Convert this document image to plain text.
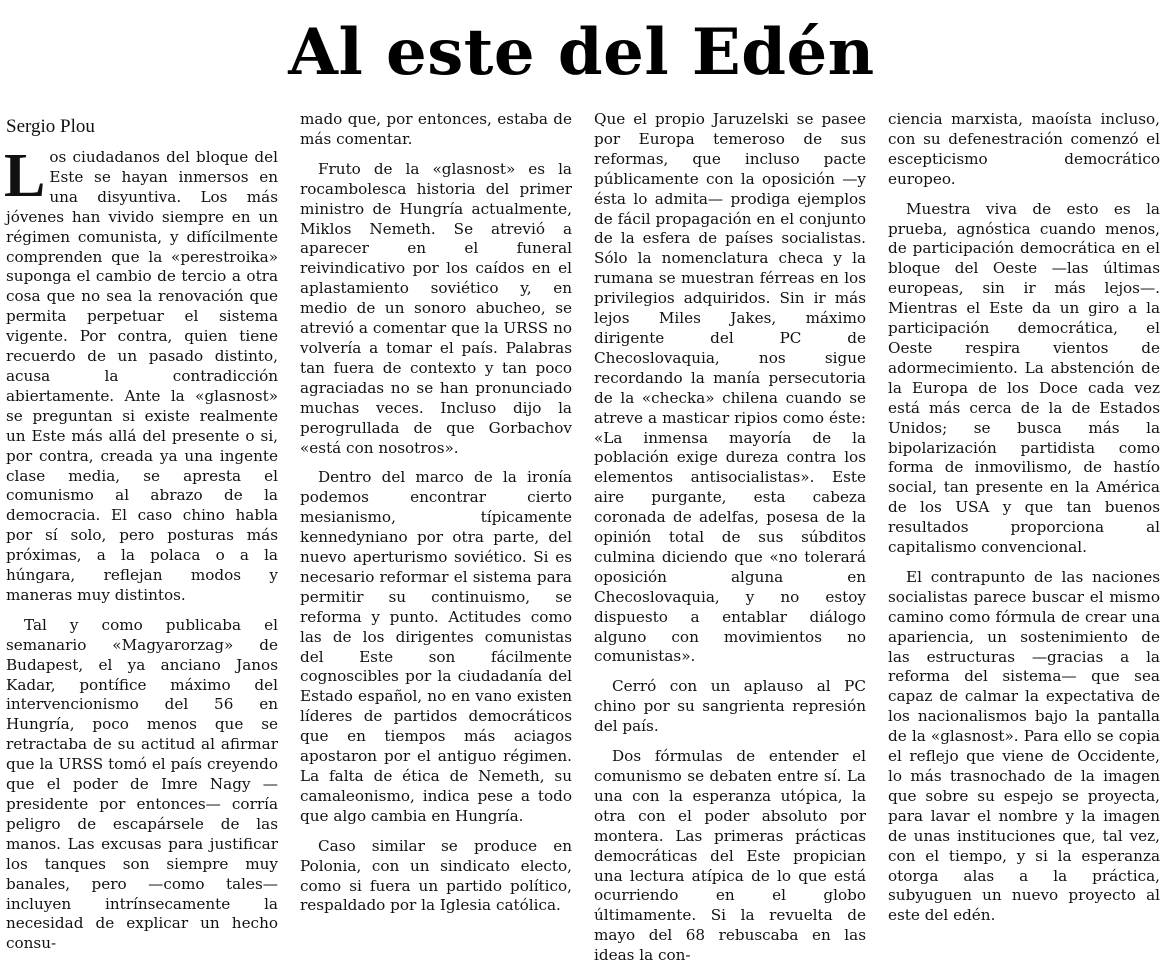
Al este del Edén
Sergio Plou

Los ciudadanos del bloque del Este se hayan inmersos en una disyuntiva. Los más jóvenes han vivido siempre en un régimen comunista, y difícilmente comprenden que la «perestroika» suponga el cambio de tercio a otra cosa que no sea la renovación que permita perpetuar el sistema vigente. Por contra, quien tiene recuerdo de un pasado distinto, acusa la contradicción abiertamente. Ante la «glasnost» se preguntan si existe realmente un Este más allá del presente o si, por contra, creada ya una ingente clase media, se apresta el comunismo al abrazo de la democracia. El caso chino habla por sí solo, pero posturas más próximas, a la polaca o a la húngara, reflejan modos y maneras muy distintos.

Tal y como publicaba el semanario «Magyarorzag» de Budapest, el ya anciano Janos Kadar, pontífice máximo del intervencionismo del 56 en Hungría, poco menos que se retractaba de su actitud al afirmar que la URSS tomó el país creyendo que el poder de Imre Nagy —presidente por entonces— corría peligro de escapársele de las manos. Las excusas para justificar los tanques son siempre muy banales, pero —como tales— incluyen intrínsecamente la necesidad de explicar un hecho consu-

mado que, por entonces, estaba de más comentar.

Fruto de la «glasnost» es la rocambolesca historia del primer ministro de Hungría actualmente, Miklos Nemeth. Se atrevió a aparecer en el funeral reivindicativo por los caídos en el aplastamiento soviético y, en medio de un sonoro abucheo, se atrevió a comentar que la URSS no volvería a tomar el país. Palabras tan fuera de contexto y tan poco agraciadas no se han pronunciado muchas veces. Incluso dijo la perogrullada de que Gorbachov «está con nosotros».

Dentro del marco de la ironía podemos encontrar cierto mesianismo, típicamente kennedyniano por otra parte, del nuevo aperturismo soviético. Si es necesario reformar el sistema para permitir su continuismo, se reforma y punto. Actitudes como las de los dirigentes comunistas del Este son fácilmente cognoscibles por la ciudadanía del Estado español, no en vano existen líderes de partidos democráticos que en tiempos más aciagos apostaron por el antiguo régimen. La falta de ética de Nemeth, su camaleonismo, indica pese a todo que algo cambia en Hungría.

Caso similar se produce en Polonia, con un sindicato electo, como si fuera un partido político, respaldado por la Iglesia católica.

Que el propio Jaruzelski se pasee por Europa temeroso de sus reformas, que incluso pacte públicamente con la oposición —y ésta lo admita— prodiga ejemplos de fácil propagación en el conjunto de la esfera de países socialistas. Sólo la nomenclatura checa y la rumana se muestran férreas en los privilegios adquiridos. Sin ir más lejos Miles Jakes, máximo dirigente del PC de Checoslovaquia, nos sigue recordando la manía persecutoria de la «checka» chilena cuando se atreve a masticar ripios como éste: «La inmensa mayoría de la población exige dureza contra los elementos antisocialistas». Este aire purgante, esta cabeza coronada de adelfas, posesa de la opinión total de sus súbditos culmina diciendo que «no tolerará oposición alguna en Checoslovaquia, y no estoy dispuesto a entablar diálogo alguno con movimientos no comunistas».

Cerró con un aplauso al PC chino por su sangrienta represión del país.

Dos fórmulas de entender el comunismo se debaten entre sí. La una con la esperanza utópica, la otra con el poder absoluto por montera. Las primeras prácticas democráticas del Este propician una lectura atípica de lo que está ocurriendo en el globo últimamente. Si la revuelta de mayo del 68 rebuscaba en las ideas la con-

ciencia marxista, maoísta incluso, con su defenestración comenzó el escepticismo democrático europeo.

Muestra viva de esto es la prueba, agnóstica cuando menos, de participación democrática en el bloque del Oeste —las últimas europeas, sin ir más lejos—. Mientras el Este da un giro a la participación democrática, el Oeste respira vientos de adormecimiento. La abstención de la Europa de los Doce cada vez está más cerca de la de Estados Unidos; se busca más la bipolarización partidista como forma de inmovilismo, de hastío social, tan presente en la América de los USA y que tan buenos resultados proporciona al capitalismo convencional.

El contrapunto de las naciones socialistas parece buscar el mismo camino como fórmula de crear una apariencia, un sostenimiento de las estructuras —gracias a la reforma del sistema— que sea capaz de calmar la expectativa de los nacionalismos bajo la pantalla de la «glasnost». Para ello se copia el reflejo que viene de Occidente, lo más trasnochado de la imagen que sobre su espejo se proyecta, para lavar el nombre y la imagen de unas instituciones que, tal vez, con el tiempo, y si la esperanza otorga alas a la práctica, subyuguen un nuevo proyecto al este del edén.
